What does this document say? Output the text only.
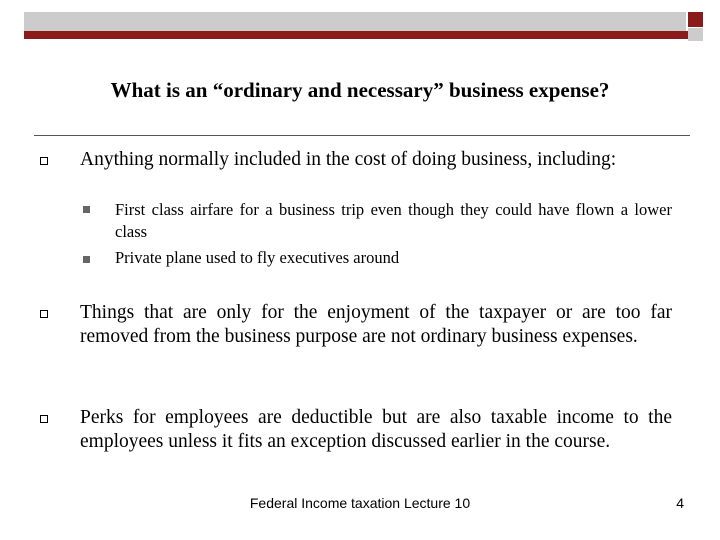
What is an “ordinary and necessary” business expense?
Anything normally included in the cost of doing business, including:
First class airfare for a business trip even though they could have flown a lower class
Private plane used to fly executives around
Things that are only for the enjoyment of the taxpayer or are too far removed from the business purpose are not ordinary business expenses.
Perks for employees are deductible but are also taxable income to the employees unless it fits an exception discussed earlier in the course.
Federal Income taxation Lecture 10	4
